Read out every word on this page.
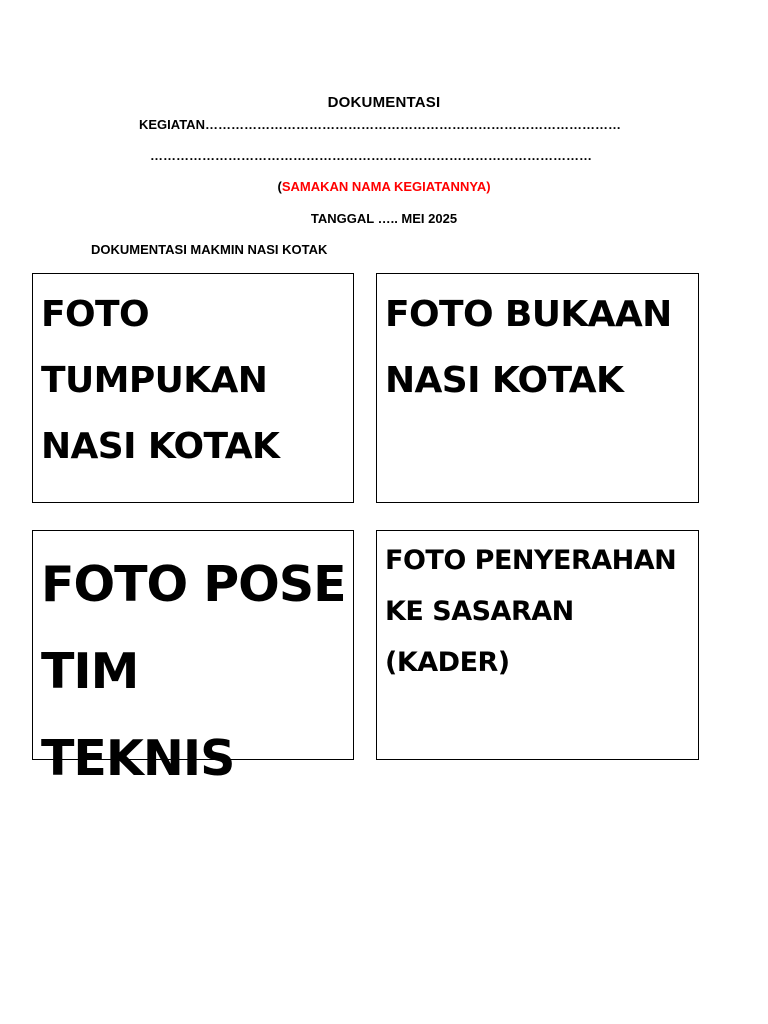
DOKUMENTASI
KEGIATAN……………………………………………………………………………………
…………………………………………………………………………………………
(SAMAKAN NAMA KEGIATANNYA)
TANGGAL ….. MEI 2025
DOKUMENTASI MAKMIN NASI KOTAK
FOTO
TUMPUKAN
NASI KOTAK
FOTO BUKAAN
NASI KOTAK
FOTO POSE
TIM TEKNIS
FOTO PENYERAHAN
KE SASARAN
(KADER)
